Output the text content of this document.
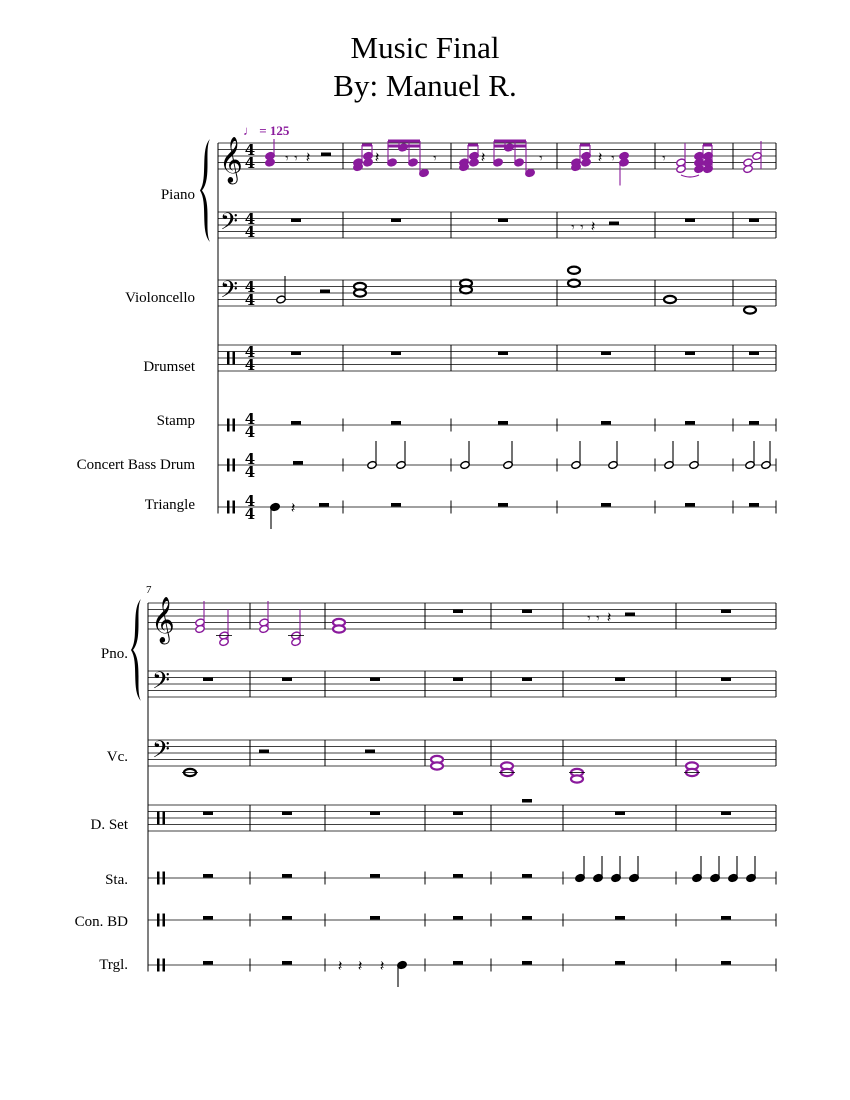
Music Final
By: Manuel R.
♩ = 125
Piano
Violoncello
Drumset
Stamp
Concert Bass Drum
Triangle
7
Pno.
Vc.
D. Set
Sta.
Con. BD
Trgl.
𝄞
𝄢
𝄢
4
4
4
4
4
4
4
4
4
4
4
4
4
4
𝄾 𝄾 𝄽	𝄽	𝄾	𝄽	𝄾	𝄽 𝄾	𝄾
𝄾 𝄾 𝄽
𝄽
𝄞
𝄢
𝄢
𝄾 𝄾 𝄽
𝄽 𝄽 𝄽
